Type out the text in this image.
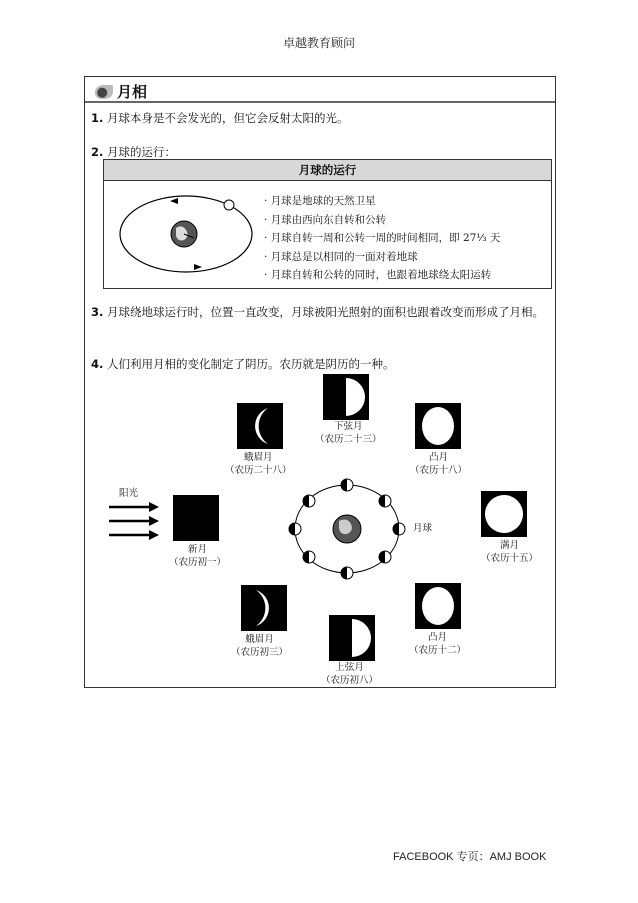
卓越教育顾问
月相
1. 月球本身是不会发光的，但它会反射太阳的光。
2. 月球的运行：
月球的运行
· 月球是地球的天然卫星
· 月球由西向东自转和公转
· 月球自转一周和公转一周的时间相同，即 27⅓ 天
· 月球总是以相同的一面对着地球
· 月球自转和公转的同时，也跟着地球绕太阳运转
3. 月球绕地球运行时，位置一直改变，月球被阳光照射的面积也跟着改变而形成了月相。
4. 人们利用月相的变化制定了阴历。农历就是阴历的一种。
阳光
下弦月
（农历二十三）
蛾眉月
（农历二十八）
凸月
（农历十八）
新月
（农历初一）
满月
（农历十五）
蛾眉月
（农历初三）
上弦月
（农历初八）
凸月
（农历十二）
月球
FACEBOOK 专页：AMJ BOOK
